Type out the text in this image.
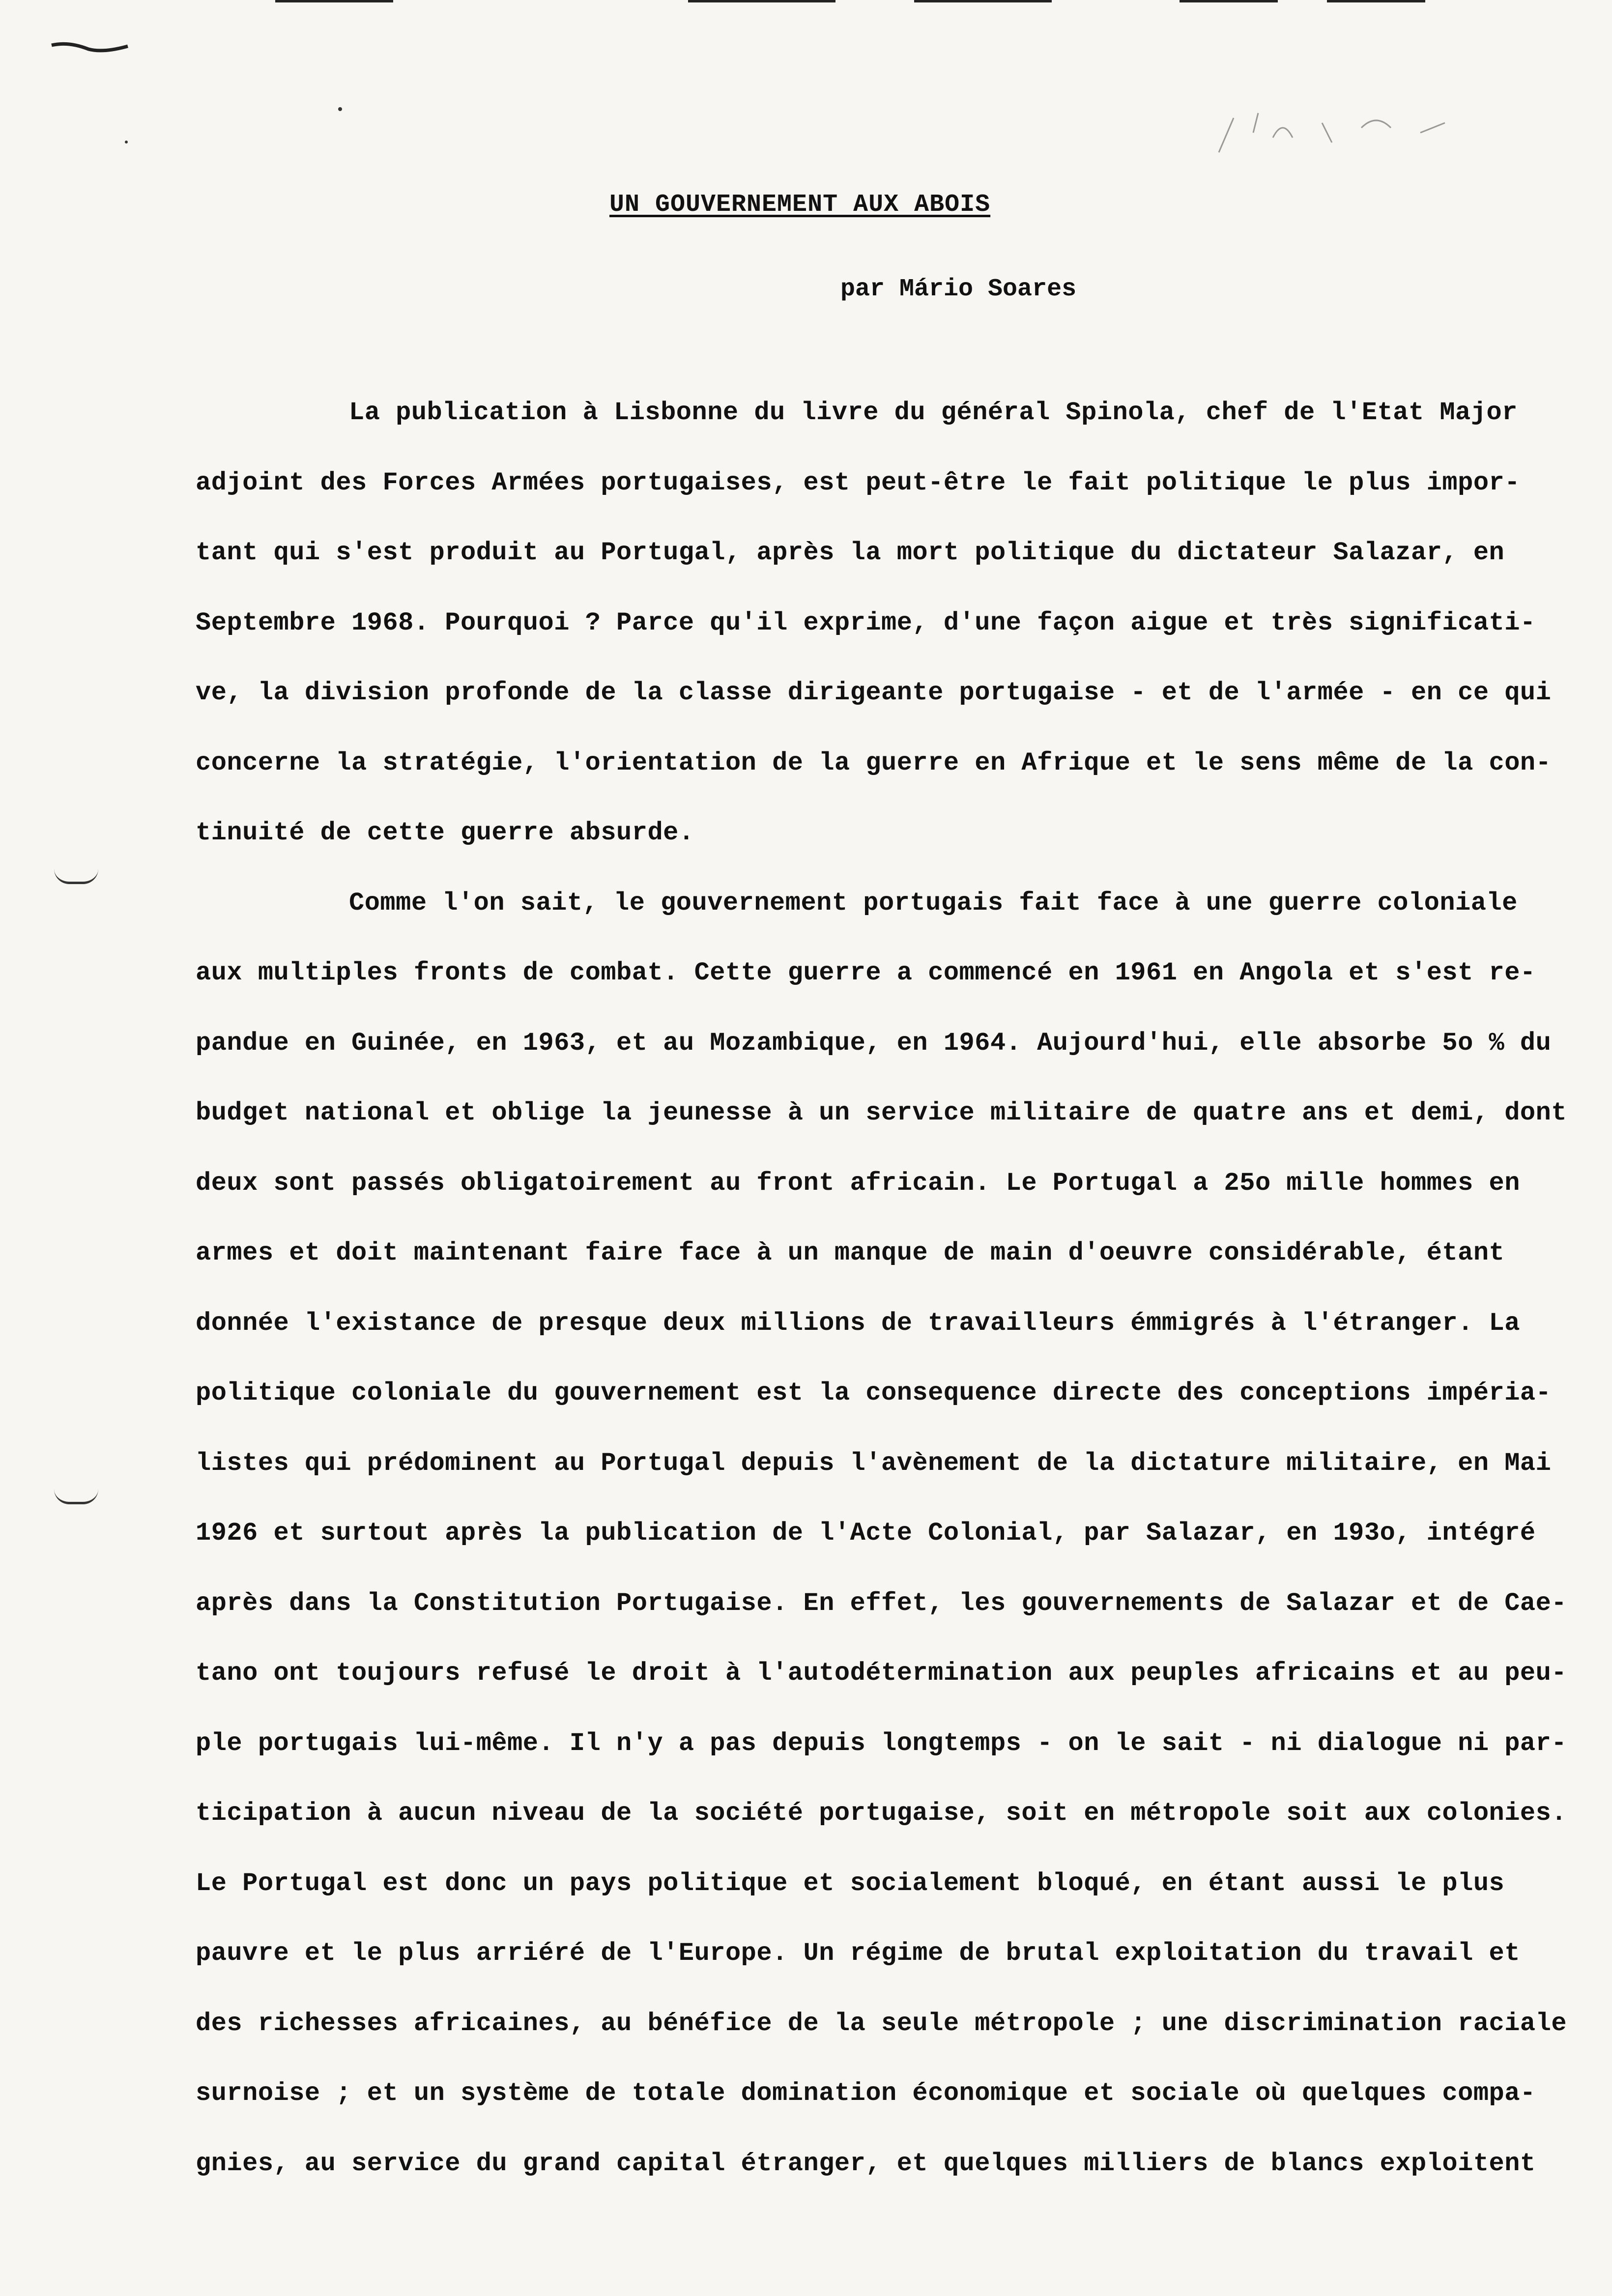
UN GOUVERNEMENT AUX ABOIS
par Mário Soares
La publication à Lisbonne du livre du général Spinola, chef de l'Etat Major
adjoint des Forces Armées portugaises, est peut-être le fait politique le plus impor-
tant qui s'est produit au Portugal, après la mort politique du dictateur Salazar, en
Septembre 1968. Pourquoi ? Parce qu'il exprime, d'une façon aigue et très significati-
ve, la division profonde de la classe dirigeante portugaise - et de l'armée - en ce qui
concerne la stratégie, l'orientation de la guerre en Afrique et le sens même de la con-
tinuité de cette guerre absurde.
Comme l'on sait, le gouvernement portugais fait face à une guerre coloniale
aux multiples fronts de combat. Cette guerre a commencé en 1961 en Angola et s'est re-
pandue en Guinée, en 1963, et au Mozambique, en 1964. Aujourd'hui, elle absorbe 5o % du
budget national et oblige la jeunesse à un service militaire de quatre ans et demi, dont
deux sont passés obligatoirement au front africain. Le Portugal a 25o mille hommes en
armes et doit maintenant faire face à un manque de main d'oeuvre considérable, étant
donnée l'existance de presque deux millions de travailleurs émmigrés à l'étranger. La
politique coloniale du gouvernement est la consequence directe des conceptions impéria-
listes qui prédominent au Portugal depuis l'avènement de la dictature militaire, en Mai
1926 et surtout après la publication de l'Acte Colonial, par Salazar, en 193o, intégré
après dans la Constitution Portugaise. En effet, les gouvernements de Salazar et de Cae-
tano ont toujours refusé le droit à l'autodétermination aux peuples africains et au peu-
ple portugais lui-même. Il n'y a pas depuis longtemps - on le sait - ni dialogue ni par-
ticipation à aucun niveau de la société portugaise, soit en métropole soit aux colonies.
Le Portugal est donc un pays politique et socialement bloqué, en étant aussi le plus
pauvre et le plus arriéré de l'Europe. Un régime de brutal exploitation du travail et
des richesses africaines, au bénéfice de la seule métropole ; une discrimination raciale
surnoise ; et un système de totale domination économique et sociale où quelques compa-
gnies, au service du grand capital étranger, et quelques milliers de blancs exploitent
